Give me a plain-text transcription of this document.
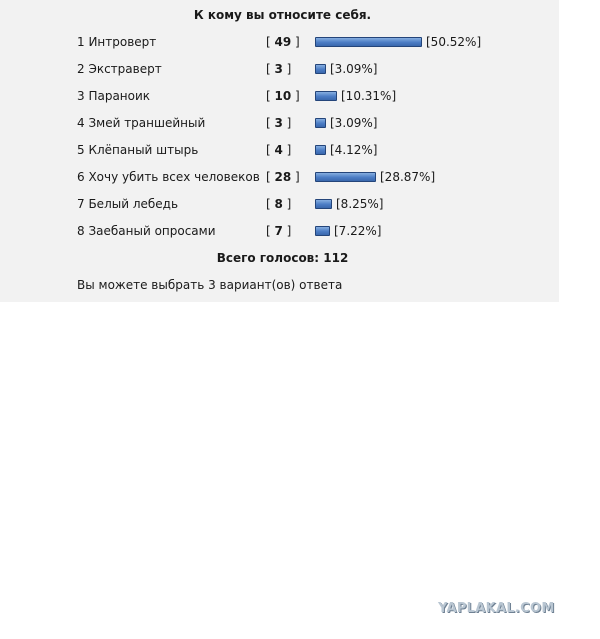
К кому вы относите себя.
1 Интроверт	[ 49 ]	[50.52%]
2 Экстраверт	[ 3 ]	[3.09%]
3 Параноик	[ 10 ]	[10.31%]
4 Змей траншейный	[ 3 ]	[3.09%]
5 Клёпаный штырь	[ 4 ]	[4.12%]
6 Хочу убить всех человеков [ 28 ]	[28.87%]
7 Белый лебедь	[ 8 ]	[8.25%]
8 Заебаный опросами	[ 7 ]	[7.22%]
Всего голосов: 112
Вы можете выбрать 3 вариант(ов) ответа
YAPLAKAL.COM
